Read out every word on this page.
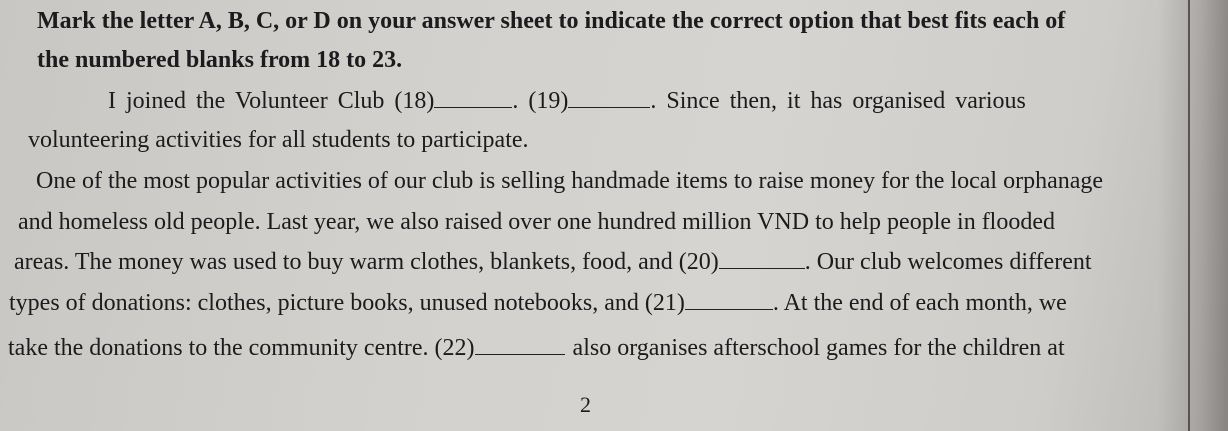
Mark the letter A, B, C, or D on your answer sheet to indicate the correct option that best fits each of
the numbered blanks from 18 to 23.
I joined the Volunteer Club (18)	. (19)	. Since then, it has organised various
volunteering activities for all students to participate.
One of the most popular activities of our club is selling handmade items to raise money for the local orphanage
and homeless old people. Last year, we also raised over one hundred million VND to help people in flooded
areas. The money was used to buy warm clothes, blankets, food, and (20)	. Our club welcomes different
types of donations: clothes, picture books, unused notebooks, and (21)	. At the end of each month, we
take the donations to the community centre. (22)	also organises afterschool games for the children at
2
